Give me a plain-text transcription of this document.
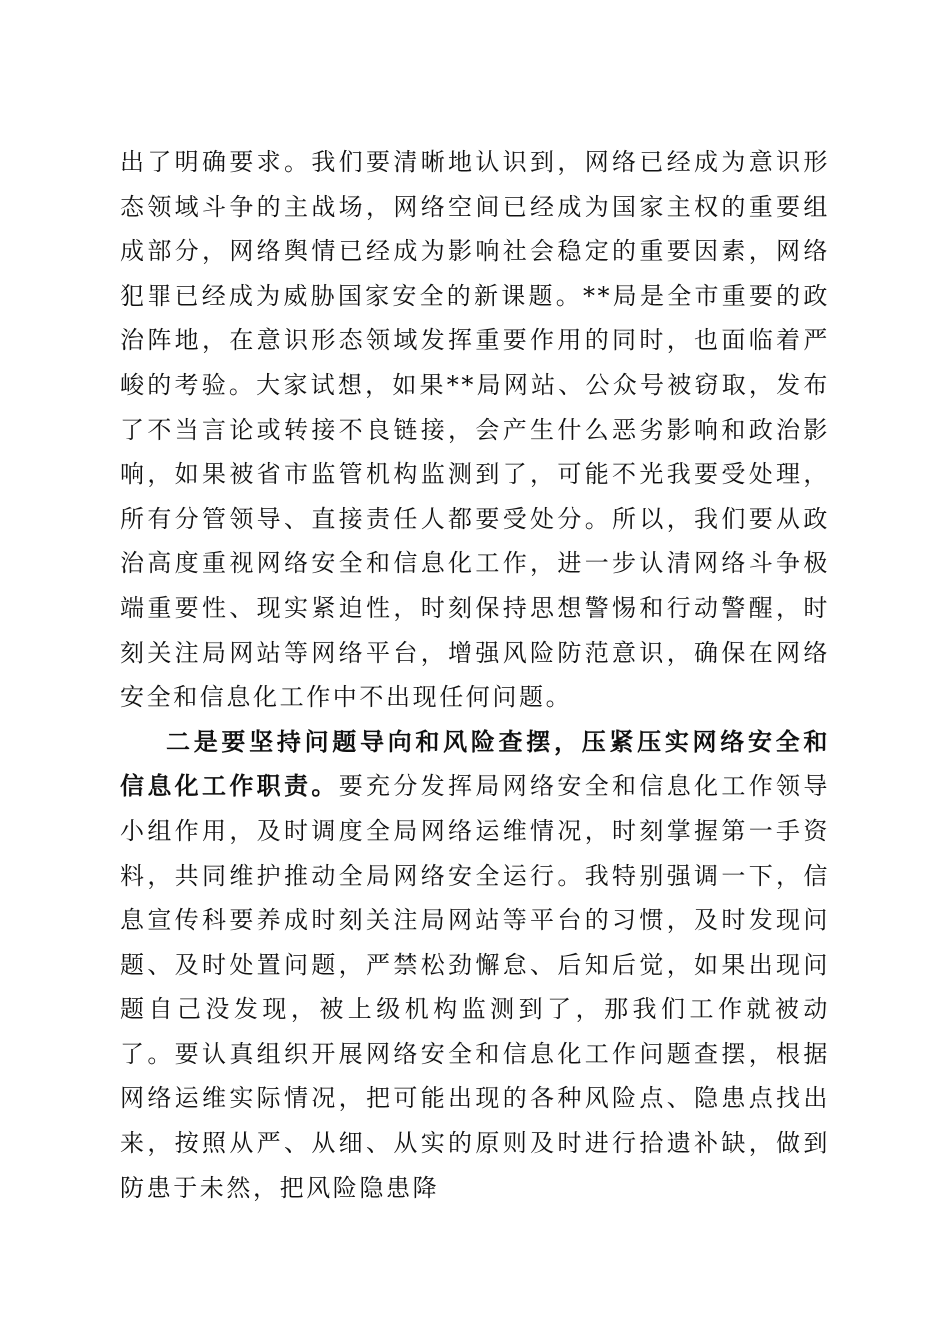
出了明确要求。我们要清晰地认识到，网络已经成为意识形态领域斗争的主战场，网络空间已经成为国家主权的重要组成部分，网络舆情已经成为影响社会稳定的重要因素，网络犯罪已经成为威胁国家安全的新课题。**局是全市重要的政治阵地，在意识形态领域发挥重要作用的同时，也面临着严峻的考验。大家试想，如果**局网站、公众号被窃取，发布了不当言论或转接不良链接，会产生什么恶劣影响和政治影响，如果被省市监管机构监测到了，可能不光我要受处理，所有分管领导、直接责任人都要受处分。所以，我们要从政治高度重视网络安全和信息化工作，进一步认清网络斗争极端重要性、现实紧迫性，时刻保持思想警惕和行动警醒，时刻关注局网站等网络平台，增强风险防范意识，确保在网络安全和信息化工作中不出现任何问题。

二是要坚持问题导向和风险查摆，压紧压实网络安全和信息化工作职责。要充分发挥局网络安全和信息化工作领导小组作用，及时调度全局网络运维情况，时刻掌握第一手资料，共同维护推动全局网络安全运行。我特别强调一下，信息宣传科要养成时刻关注局网站等平台的习惯，及时发现问题、及时处置问题，严禁松劲懈怠、后知后觉，如果出现问题自己没发现，被上级机构监测到了，那我们工作就被动了。要认真组织开展网络安全和信息化工作问题查摆，根据网络运维实际情况，把可能出现的各种风险点、隐患点找出来，按照从严、从细、从实的原则及时进行拾遗补缺，做到防患于未然，把风险隐患降
